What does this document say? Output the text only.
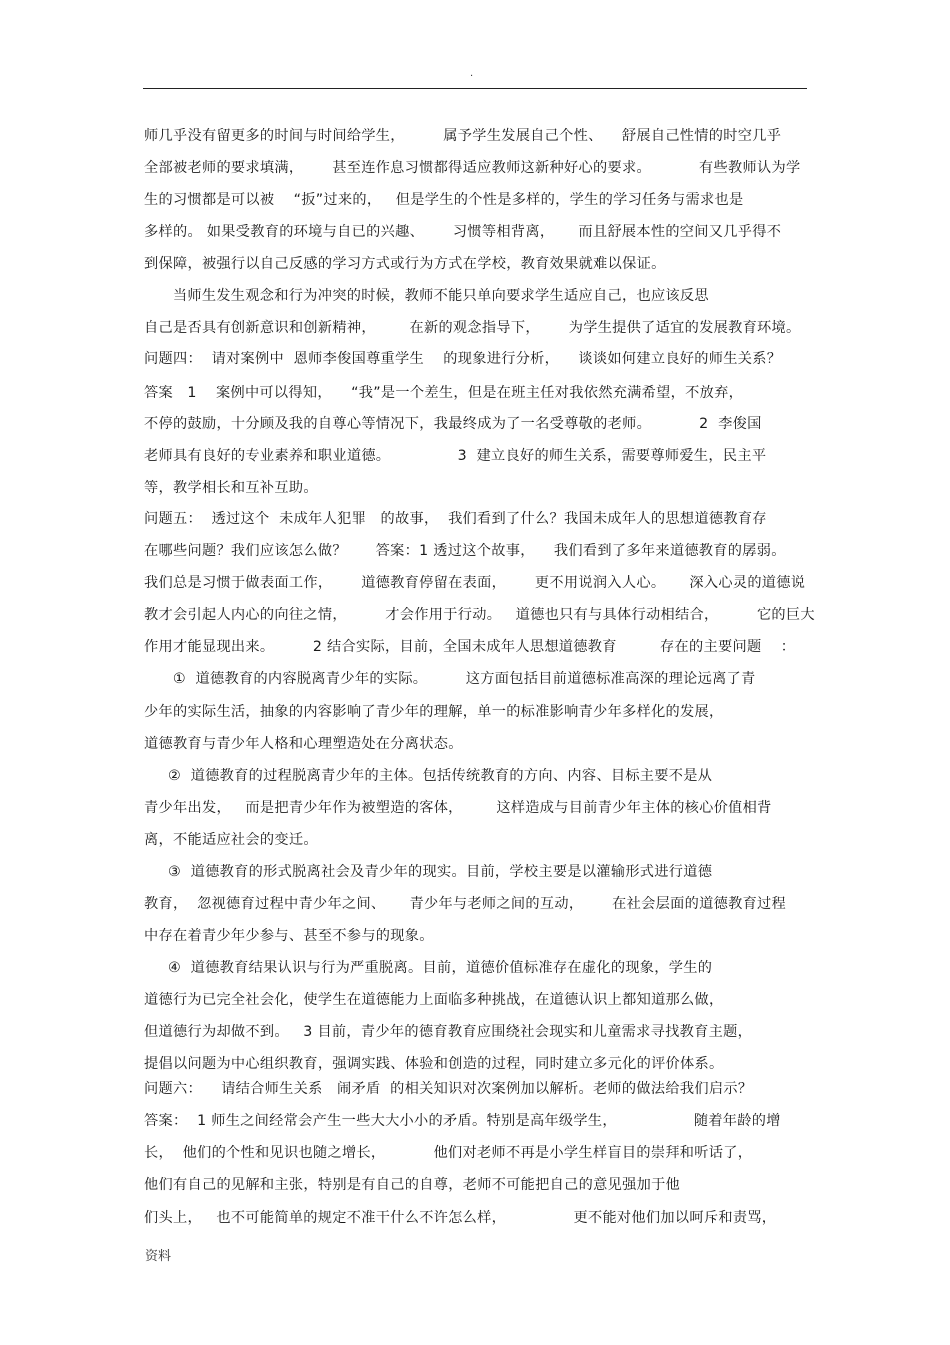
.
师几乎没有留更多的时间与时间给学生，        属予学生发展自己个性、    舒展自己性情的时空几乎
全部被老师的要求填满，      甚至连作息习惯都得适应教师这新种好心的要求。          有些教师认为学
生的习惯都是可以被    “扳”过来的，   但是学生的个性是多样的，学生的学习任务与需求也是
多样的。 如果受教育的环境与自已的兴趣、      习惯等相背离，     而且舒展本性的空间又几乎得不
到保障，被强行以自己反感的学习方式或行为方式在学校，教育效果就难以保证。
当师生发生观念和行为冲突的时候，教师不能只单向要求学生适应自己，也应该反思
自己是否具有创新意识和创新精神，       在新的观念指导下，      为学生提供了适宜的发展教育环境。
问题四：  请对案例中  恩师李俊国尊重学生    的现象进行分析，    谈谈如何建立良好的师生关系？
答案   1    案例中可以得知，    “我”是一个差生，但是在班主任对我依然充满希望，不放弃，
不停的鼓励，十分顾及我的自尊心等情况下，我最终成为了一名受尊敬的老师。          2  李俊国
老师具有良好的专业素养和职业道德。              3  建立良好的师生关系，需要尊师爱生，民主平
等，教学相长和互补互助。
问题五：  透过这个  未成年人犯罪   的故事，  我们看到了什么？我国未成年人的思想道德教育存
在哪些问题？我们应该怎么做？      答案：1 透过这个故事，    我们看到了多年来道德教育的孱弱。
我们总是习惯于做表面工作，      道德教育停留在表面，      更不用说润入人心。     深入心灵的道德说
教才会引起人内心的向往之情，        才会作用于行动。   道德也只有与具体行动相结合，        它的巨大
作用才能显现出来。        2 结合实际，目前，全国未成年人思想道德教育         存在的主要问题    ：
①  道德教育的内容脱离青少年的实际。        这方面包括目前道德标准高深的理论远离了青
少年的实际生活，抽象的内容影响了青少年的理解，单一的标准影响青少年多样化的发展，
道德教育与青少年人格和心理塑造处在分离状态。
②  道德教育的过程脱离青少年的主体。包括传统教育的方向、内容、目标主要不是从
青少年出发，   而是把青少年作为被塑造的客体，       这样造成与目前青少年主体的核心价值相背
离，不能适应社会的变迁。
③  道德教育的形式脱离社会及青少年的现实。目前，学校主要是以灌输形式进行道德
教育，  忽视德育过程中青少年之间、     青少年与老师之间的互动，      在社会层面的道德教育过程
中存在着青少年少参与、甚至不参与的现象。
④  道德教育结果认识与行为严重脱离。目前，道德价值标准存在虚化的现象，学生的
道德行为已完全社会化，使学生在道德能力上面临多种挑战，在道德认识上都知道那么做，
但道德行为却做不到。   3 目前，青少年的德育教育应围绕社会现实和儿童需求寻找教育主题，
提倡以问题为中心组织教育，强调实践、体验和创造的过程，同时建立多元化的评价体系。
问题六：    请结合师生关系   闹矛盾  的相关知识对次案例加以解析。老师的做法给我们启示？
答案：  1 师生之间经常会产生一些大大小小的矛盾。特别是高年级学生，                随着年龄的增
长，  他们的个性和见识也随之增长，          他们对老师不再是小学生样盲目的崇拜和听话了，
他们有自己的见解和主张，特别是有自己的自尊，老师不可能把自己的意见强加于他
们头上，   也不可能简单的规定不准干什么不许怎么样，              更不能对他们加以呵斥和责骂，
资料
